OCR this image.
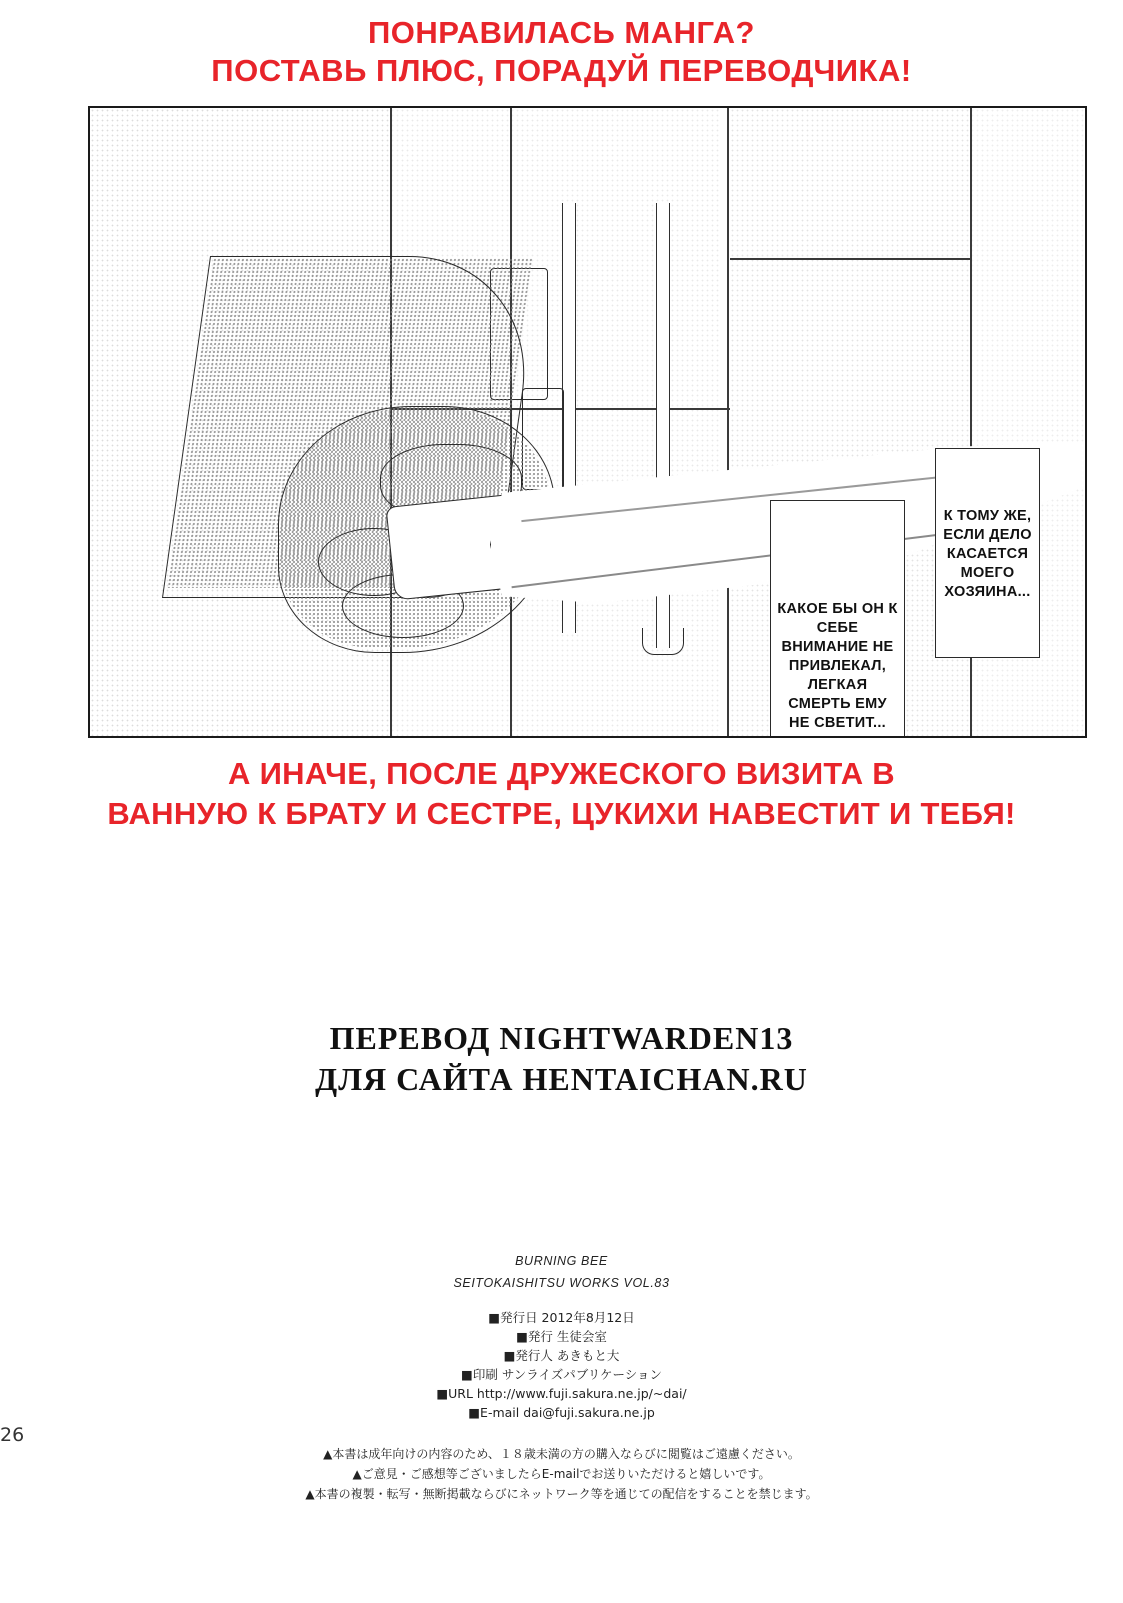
ПОНРАВИЛАСЬ МАНГА?
ПОСТАВЬ ПЛЮС, ПОРАДУЙ ПЕРЕВОДЧИКА!
КАКОЕ БЫ ОН К СЕБЕ ВНИМАНИЕ НЕ ПРИВЛЕКАЛ, ЛЕГКАЯ СМЕРТЬ ЕМУ НЕ СВЕТИТ...
К ТОМУ ЖЕ, ЕСЛИ ДЕЛО КАСАЕТСЯ МОЕГО ХОЗЯИНА...
А ИНАЧЕ, ПОСЛЕ ДРУЖЕСКОГО ВИЗИТА В
ВАННУЮ К БРАТУ И СЕСТРЕ, ЦУКИХИ НАВЕСТИТ И ТЕБЯ!
ПЕРЕВОД NIGHTWARDEN13
ДЛЯ САЙТА HENTAICHAN.RU
BURNING BEE
SEITOKAISHITSU WORKS VOL.83
■発行日 2012年8月12日
■発行 生徒会室
■発行人 あきもと大
■印刷 サンライズパブリケーション
■URL http://www.fuji.sakura.ne.jp/~dai/
■E-mail dai@fuji.sakura.ne.jp
▲本書は成年向けの内容のため、１８歳未満の方の購入ならびに閲覧はご遠慮ください。
▲ご意見・ご感想等ございましたらE-mailでお送りいただけると嬉しいです。
▲本書の複製・転写・無断掲載ならびにネットワーク等を通じての配信をすることを禁じます。
26
